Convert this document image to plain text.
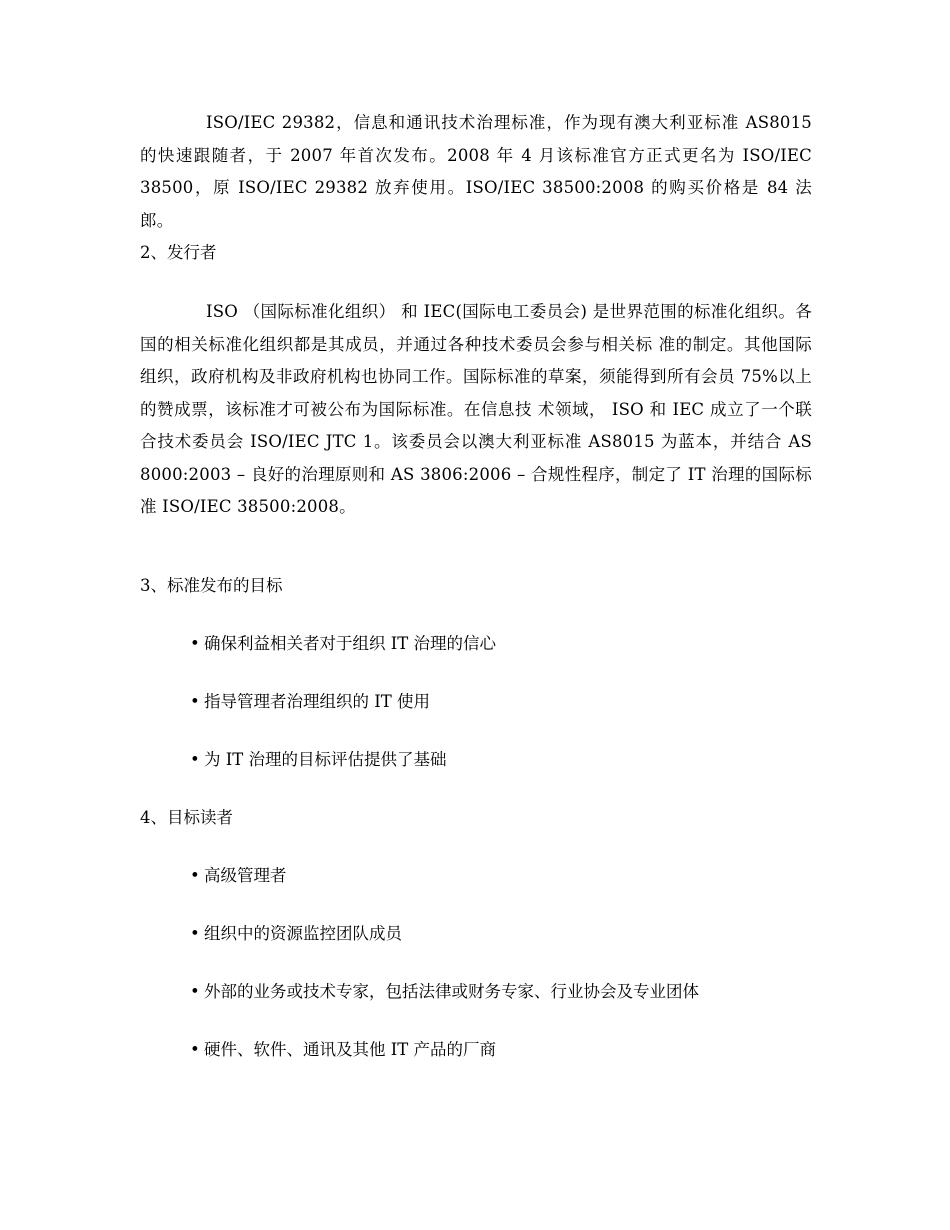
ISO/IEC 29382，信息和通讯技术治理标准，作为现有澳大利亚标准 AS8015 的快速跟随者，于 2007 年首次发布。2008 年 4 月该标准官方正式更名为 ISO/IEC 38500，原 ISO/IEC 29382 放弃使用。ISO/IEC 38500:2008 的购买价格是 84 法郎。

2、发行者

ISO （国际标准化组织） 和 IEC(国际电工委员会) 是世界范围的标准化组织。各国的相关标准化组织都是其成员，并通过各种技术委员会参与相关标 准的制定。其他国际组织，政府机构及非政府机构也协同工作。国际标准的草案，须能得到所有会员 75%以上的赞成票，该标准才可被公布为国际标准。在信息技 术领域， ISO 和 IEC 成立了一个联合技术委员会 ISO/IEC JTC 1。该委员会以澳大利亚标准 AS8015 为蓝本，并结合 AS 8000:2003 – 良好的治理原则和 AS 3806:2006 – 合规性程序，制定了 IT 治理的国际标准 ISO/IEC 38500:2008。

3、标准发布的目标

• 确保利益相关者对于组织 IT 治理的信心

• 指导管理者治理组织的 IT 使用

• 为 IT 治理的目标评估提供了基础

4、目标读者

• 高级管理者

• 组织中的资源监控团队成员

• 外部的业务或技术专家，包括法律或财务专家、行业协会及专业团体

• 硬件、软件、通讯及其他 IT 产品的厂商
